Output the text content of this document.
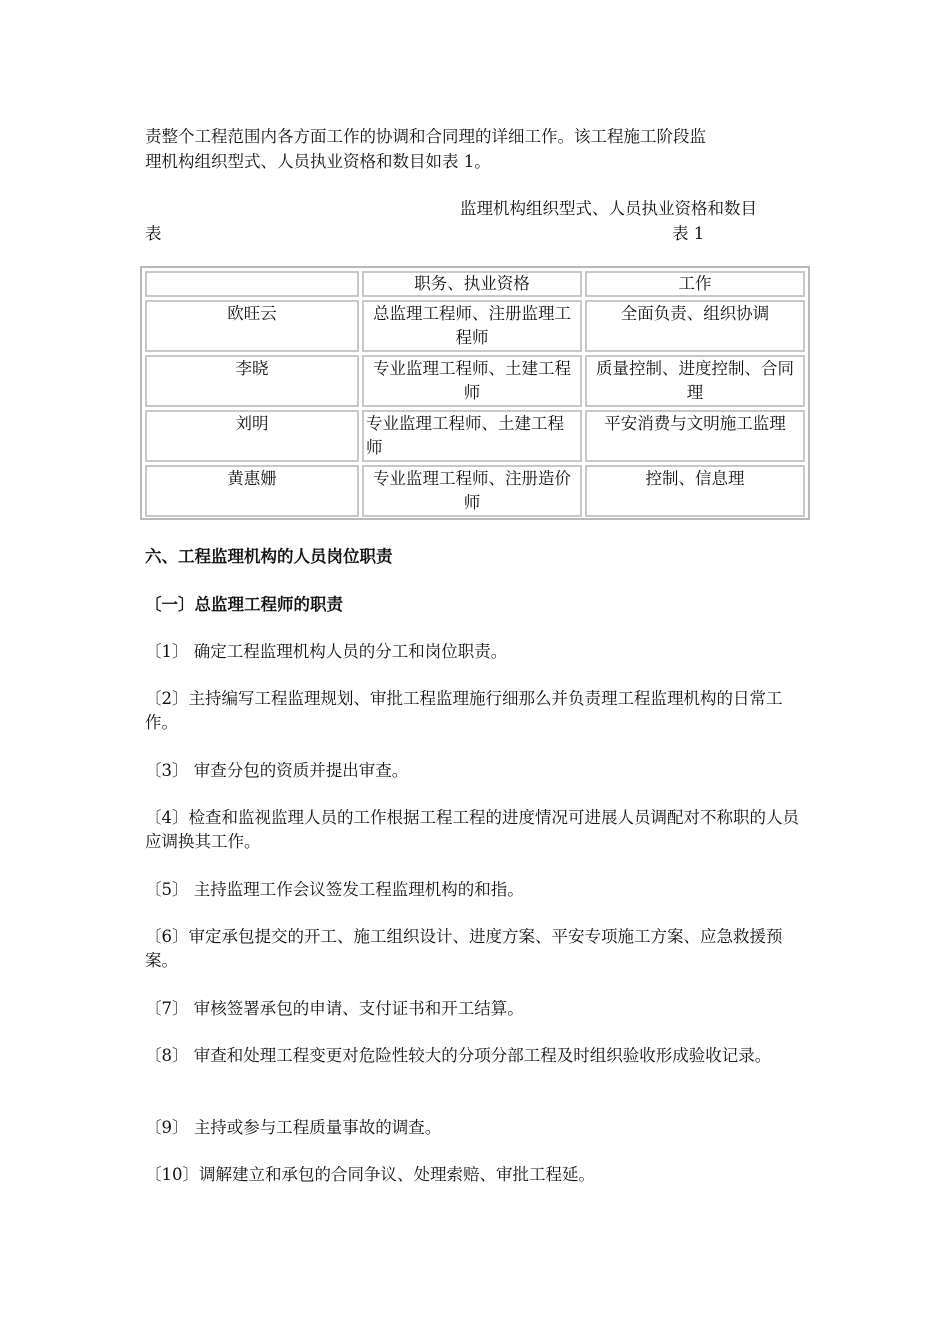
责整个工程范围内各方面工作的协调和合同理的详细工作。该工程施工阶段监

理机构组织型式、人员执业资格和数目如表 1。

监理机构组织型式、人员执业资格和数目
表	表 1
	职务、执业资格	工作
欧旺云	总监理工程师、注册监理工程师	全面负责、组织协调
李晓	专业监理工程师、土建工程师	质量控制、进度控制、合同理
刘明	专业监理工程师、土建工程师	平安消费与文明施工监理
黄惠姗	专业监理工程师、注册造价师	控制、信息理

六、工程监理机构的人员岗位职责

〔一〕总监理工程师的职责

〔1〕 确定工程监理机构人员的分工和岗位职责。

〔2〕主持编写工程监理规划、审批工程监理施行细那么并负责理工程监理机构的日常工作。

〔3〕 审查分包的资质并提出审查。

〔4〕检查和监视监理人员的工作根据工程工程的进度情况可进展人员调配对不称职的人员应调换其工作。

〔5〕 主持监理工作会议签发工程监理机构的和指。

〔6〕审定承包提交的开工、施工组织设计、进度方案、平安专项施工方案、应急救援预案。

〔7〕 审核签署承包的申请、支付证书和开工结算。

〔8〕 审查和处理工程变更对危险性较大的分项分部工程及时组织验收形成验收记录。

〔9〕 主持或参与工程质量事故的调查。

〔10〕调解建立和承包的合同争议、处理索赔、审批工程延。
